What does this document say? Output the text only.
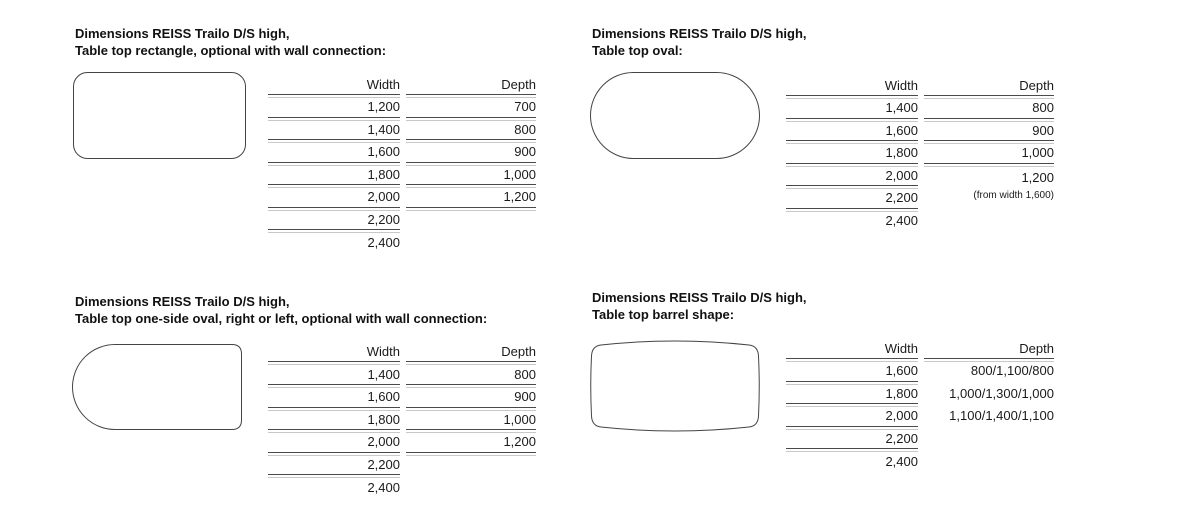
Dimensions REISS Trailo D/S high,
Table top rectangle, optional with wall connection:
Width
1,200
1,400
1,600
1,800
2,000
2,200
2,400
Depth
700
800
900
1,000
1,200
Dimensions REISS Trailo D/S high,
Table top oval:
Width
1,400
1,600
1,800
2,000
2,200
2,400
Depth
800
900
1,000
1,200
(from width 1,600)
Dimensions REISS Trailo D/S high,
Table top one-side oval, right or left, optional with wall connection:
Width
1,400
1,600
1,800
2,000
2,200
2,400
Depth
800
900
1,000
1,200
Dimensions REISS Trailo D/S high,
Table top barrel shape:
Width
1,600
1,800
2,000
2,200
2,400
Depth
800/1,100/800
1,000/1,300/1,000
1,100/1,400/1,100
